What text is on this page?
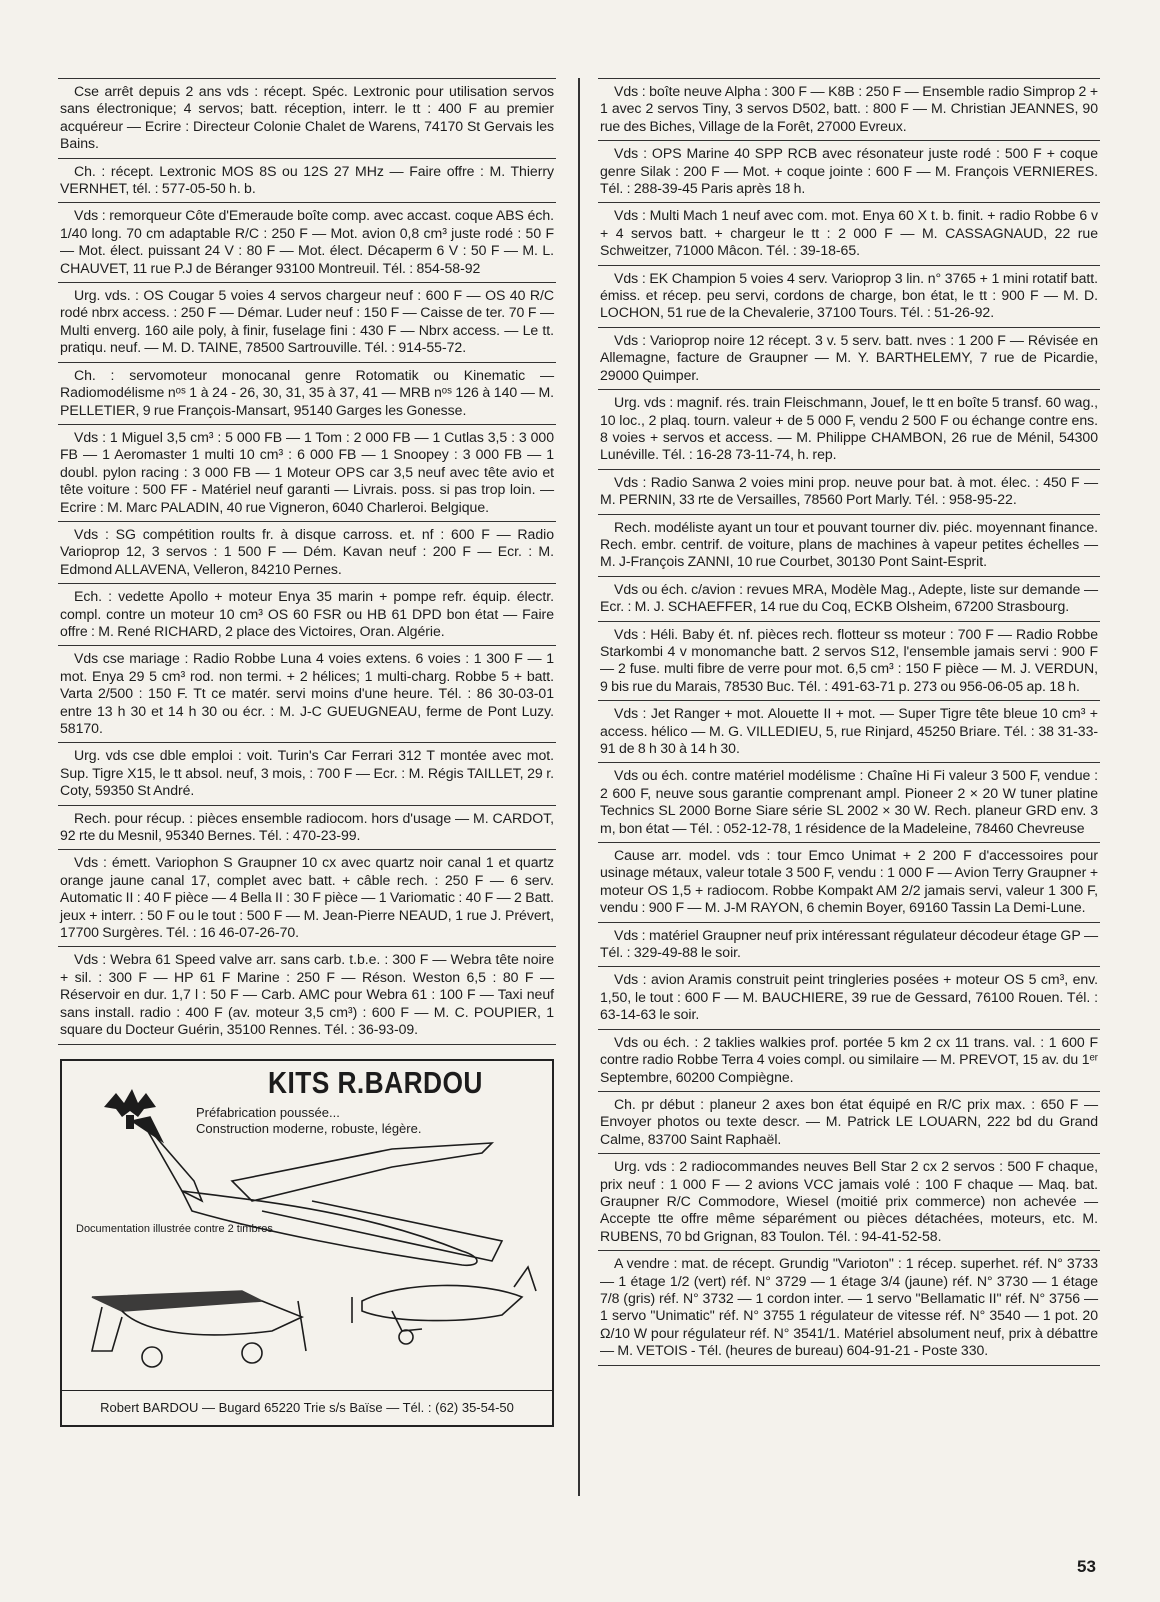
Cse arrêt depuis 2 ans vds : récept. Spéc. Lextronic pour utilisation servos sans électronique; 4 servos; batt. réception, interr. le tt : 400 F au premier acquéreur — Ecrire : Directeur Colonie Chalet de Warens, 74170 St Gervais les Bains.
Ch. : récept. Lextronic MOS 8S ou 12S 27 MHz — Faire offre : M. Thierry VERNHET, tél. : 577-05-50 h. b.
Vds : remorqueur Côte d'Emeraude boîte comp. avec accast. coque ABS éch. 1/40 long. 70 cm adaptable R/C : 250 F — Mot. avion 0,8 cm³ juste rodé : 50 F — Mot. élect. puissant 24 V : 80 F — Mot. élect. Décaperm 6 V : 50 F — M. L. CHAUVET, 11 rue P.J de Béranger 93100 Montreuil. Tél. : 854-58-92
Urg. vds. : OS Cougar 5 voies 4 servos chargeur neuf : 600 F — OS 40 R/C rodé nbrx access. : 250 F — Démar. Luder neuf : 150 F — Caisse de ter. 70 F — Multi enverg. 160 aile poly, à finir, fuselage fini : 430 F — Nbrx access. — Le tt. pratiqu. neuf. — M. D. TAINE, 78500 Sartrouville. Tél. : 914-55-72.
Ch. : servomoteur monocanal genre Rotomatik ou Kinematic — Radiomodélisme nᵒˢ 1 à 24 - 26, 30, 31, 35 à 37, 41 — MRB nᵒˢ 126 à 140 — M. PELLETIER, 9 rue François-Mansart, 95140 Garges les Gonesse.
Vds : 1 Miguel 3,5 cm³ : 5 000 FB — 1 Tom : 2 000 FB — 1 Cutlas 3,5 : 3 000 FB — 1 Aeromaster 1 multi 10 cm³ : 6 000 FB — 1 Snoopey : 3 000 FB — 1 doubl. pylon racing : 3 000 FB — 1 Moteur OPS car 3,5 neuf avec tête avio et tête voiture : 500 FF - Matériel neuf garanti — Livrais. poss. si pas trop loin. — Ecrire : M. Marc PALADIN, 40 rue Vigneron, 6040 Charleroi. Belgique.
Vds : SG compétition roults fr. à disque carross. et. nf : 600 F — Radio Varioprop 12, 3 servos : 1 500 F — Dém. Kavan neuf : 200 F — Ecr. : M. Edmond ALLAVENA, Velleron, 84210 Pernes.
Ech. : vedette Apollo + moteur Enya 35 marin + pompe refr. équip. électr. compl. contre un moteur 10 cm³ OS 60 FSR ou HB 61 DPD bon état — Faire offre : M. René RICHARD, 2 place des Victoires, Oran. Algérie.
Vds cse mariage : Radio Robbe Luna 4 voies extens. 6 voies : 1 300 F — 1 mot. Enya 29 5 cm³ rod. non termi. + 2 hélices; 1 multi-charg. Robbe 5 + batt. Varta 2/500 : 150 F. Tt ce matér. servi moins d'une heure. Tél. : 86 30-03-01 entre 13 h 30 et 14 h 30 ou écr. : M. J-C GUEUGNEAU, ferme de Pont Luzy. 58170.
Urg. vds cse dble emploi : voit. Turin's Car Ferrari 312 T montée avec mot. Sup. Tigre X15, le tt absol. neuf, 3 mois, : 700 F — Ecr. : M. Régis TAILLET, 29 r. Coty, 59350 St André.
Rech. pour récup. : pièces ensemble radiocom. hors d'usage — M. CARDOT, 92 rte du Mesnil, 95340 Bernes. Tél. : 470-23-99.
Vds : émett. Variophon S Graupner 10 cx avec quartz noir canal 1 et quartz orange jaune canal 17, complet avec batt. + câble rech. : 250 F — 6 serv. Automatic II : 40 F pièce — 4 Bella II : 30 F pièce — 1 Variomatic : 40 F — 2 Batt. jeux + interr. : 50 F ou le tout : 500 F — M. Jean-Pierre NEAUD, 1 rue J. Prévert, 17700 Surgères. Tél. : 16 46-07-26-70.
Vds : Webra 61 Speed valve arr. sans carb. t.b.e. : 300 F — Webra tête noire + sil. : 300 F — HP 61 F Marine : 250 F — Réson. Weston 6,5 : 80 F — Réservoir en dur. 1,7 l : 50 F — Carb. AMC pour Webra 61 : 100 F — Taxi neuf sans install. radio : 400 F (av. moteur 3,5 cm³) : 600 F — M. C. POUPIER, 1 square du Docteur Guérin, 35100 Rennes. Tél. : 36-93-09.
Vds : boîte neuve Alpha : 300 F — K8B : 250 F — Ensemble radio Simprop 2 + 1 avec 2 servos Tiny, 3 servos D502, batt. : 800 F — M. Christian JEANNES, 90 rue des Biches, Village de la Forêt, 27000 Evreux.
Vds : OPS Marine 40 SPP RCB avec résonateur juste rodé : 500 F + coque genre Silak : 200 F — Mot. + coque jointe : 600 F — M. François VERNIERES. Tél. : 288-39-45 Paris après 18 h.
Vds : Multi Mach 1 neuf avec com. mot. Enya 60 X t. b. finit. + radio Robbe 6 v + 4 servos batt. + chargeur le tt : 2 000 F — M. CASSAGNAUD, 22 rue Schweitzer, 71000 Mâcon. Tél. : 39-18-65.
Vds : EK Champion 5 voies 4 serv. Varioprop 3 lin. n° 3765 + 1 mini rotatif batt. émiss. et récep. peu servi, cordons de charge, bon état, le tt : 900 F — M. D. LOCHON, 51 rue de la Chevalerie, 37100 Tours. Tél. : 51-26-92.
Vds : Varioprop noire 12 récept. 3 v. 5 serv. batt. nves : 1 200 F — Révisée en Allemagne, facture de Graupner — M. Y. BARTHELEMY, 7 rue de Picardie, 29000 Quimper.
Urg. vds : magnif. rés. train Fleischmann, Jouef, le tt en boîte 5 transf. 60 wag., 10 loc., 2 plaq. tourn. valeur + de 5 000 F, vendu 2 500 F ou échange contre ens. 8 voies + servos et access. — M. Philippe CHAMBON, 26 rue de Ménil, 54300 Lunéville. Tél. : 16-28 73-11-74, h. rep.
Vds : Radio Sanwa 2 voies mini prop. neuve pour bat. à mot. élec. : 450 F — M. PERNIN, 33 rte de Versailles, 78560 Port Marly. Tél. : 958-95-22.
Rech. modéliste ayant un tour et pouvant tourner div. piéc. moyennant finance. Rech. embr. centrif. de voiture, plans de machines à vapeur petites échelles — M. J-François ZANNI, 10 rue Courbet, 30130 Pont Saint-Esprit.
Vds ou éch. c/avion : revues MRA, Modèle Mag., Adepte, liste sur demande — Ecr. : M. J. SCHAEFFER, 14 rue du Coq, ECKB Olsheim, 67200 Strasbourg.
Vds : Héli. Baby ét. nf. pièces rech. flotteur ss moteur : 700 F — Radio Robbe Starkombi 4 v monomanche batt. 2 servos S12, l'ensemble jamais servi : 900 F — 2 fuse. multi fibre de verre pour mot. 6,5 cm³ : 150 F pièce — M. J. VERDUN, 9 bis rue du Marais, 78530 Buc. Tél. : 491-63-71 p. 273 ou 956-06-05 ap. 18 h.
Vds : Jet Ranger + mot. Alouette II + mot. — Super Tigre tête bleue 10 cm³ + access. hélico — M. G. VILLEDIEU, 5, rue Rinjard, 45250 Briare. Tél. : 38 31-33-91 de 8 h 30 à 14 h 30.
Vds ou éch. contre matériel modélisme : Chaîne Hi Fi valeur 3 500 F, vendue : 2 600 F, neuve sous garantie comprenant ampl. Pioneer 2 × 20 W tuner platine Technics SL 2000 Borne Siare série SL 2002 × 30 W. Rech. planeur GRD env. 3 m, bon état — Tél. : 052-12-78, 1 résidence de la Madeleine, 78460 Chevreuse
Cause arr. model. vds : tour Emco Unimat + 2 200 F d'accessoires pour usinage métaux, valeur totale 3 500 F, vendu : 1 000 F — Avion Terry Graupner + moteur OS 1,5 + radiocom. Robbe Kompakt AM 2/2 jamais servi, valeur 1 300 F, vendu : 900 F — M. J-M RAYON, 6 chemin Boyer, 69160 Tassin La Demi-Lune.
Vds : matériel Graupner neuf prix intéressant régulateur décodeur étage GP — Tél. : 329-49-88 le soir.
Vds : avion Aramis construit peint tringleries posées + moteur OS 5 cm³, env. 1,50, le tout : 600 F — M. BAUCHIERE, 39 rue de Gessard, 76100 Rouen. Tél. : 63-14-63 le soir.
Vds ou éch. : 2 taklies walkies prof. portée 5 km 2 cx 11 trans. val. : 1 600 F contre radio Robbe Terra 4 voies compl. ou similaire — M. PREVOT, 15 av. du 1ᵉʳ Septembre, 60200 Compiègne.
Ch. pr début : planeur 2 axes bon état équipé en R/C prix max. : 650 F — Envoyer photos ou texte descr. — M. Patrick LE LOUARN, 222 bd du Grand Calme, 83700 Saint Raphaël.
Urg. vds : 2 radiocommandes neuves Bell Star 2 cx 2 servos : 500 F chaque, prix neuf : 1 000 F — 2 avions VCC jamais volé : 100 F chaque — Maq. bat. Graupner R/C Commodore, Wiesel (moitié prix commerce) non achevée — Accepte tte offre même séparément ou pièces détachées, moteurs, etc. M. RUBENS, 70 bd Grignan, 83 Toulon. Tél. : 94-41-52-58.
A vendre : mat. de récept. Grundig "Varioton" : 1 récep. superhet. réf. N° 3733 — 1 étage 1/2 (vert) réf. N° 3729 — 1 étage 3/4 (jaune) réf. N° 3730 — 1 étage 7/8 (gris) réf. N° 3732 — 1 cordon inter. — 1 servo "Bellamatic II" réf. N° 3756 — 1 servo "Unimatic" réf. N° 3755 1 régulateur de vitesse réf. N° 3540 — 1 pot. 20 Ω/10 W pour régulateur réf. N° 3541/1. Matériel absolument neuf, prix à débattre — M. VETOIS - Tél. (heures de bureau) 604-91-21 - Poste 330.
KITS R.BARDOU
Préfabrication poussée...
Construction moderne, robuste, légère.
Documentation illustrée contre 2 timbres
Robert BARDOU — Bugard 65220 Trie s/s Baïse — Tél. : (62) 35-54-50
53
